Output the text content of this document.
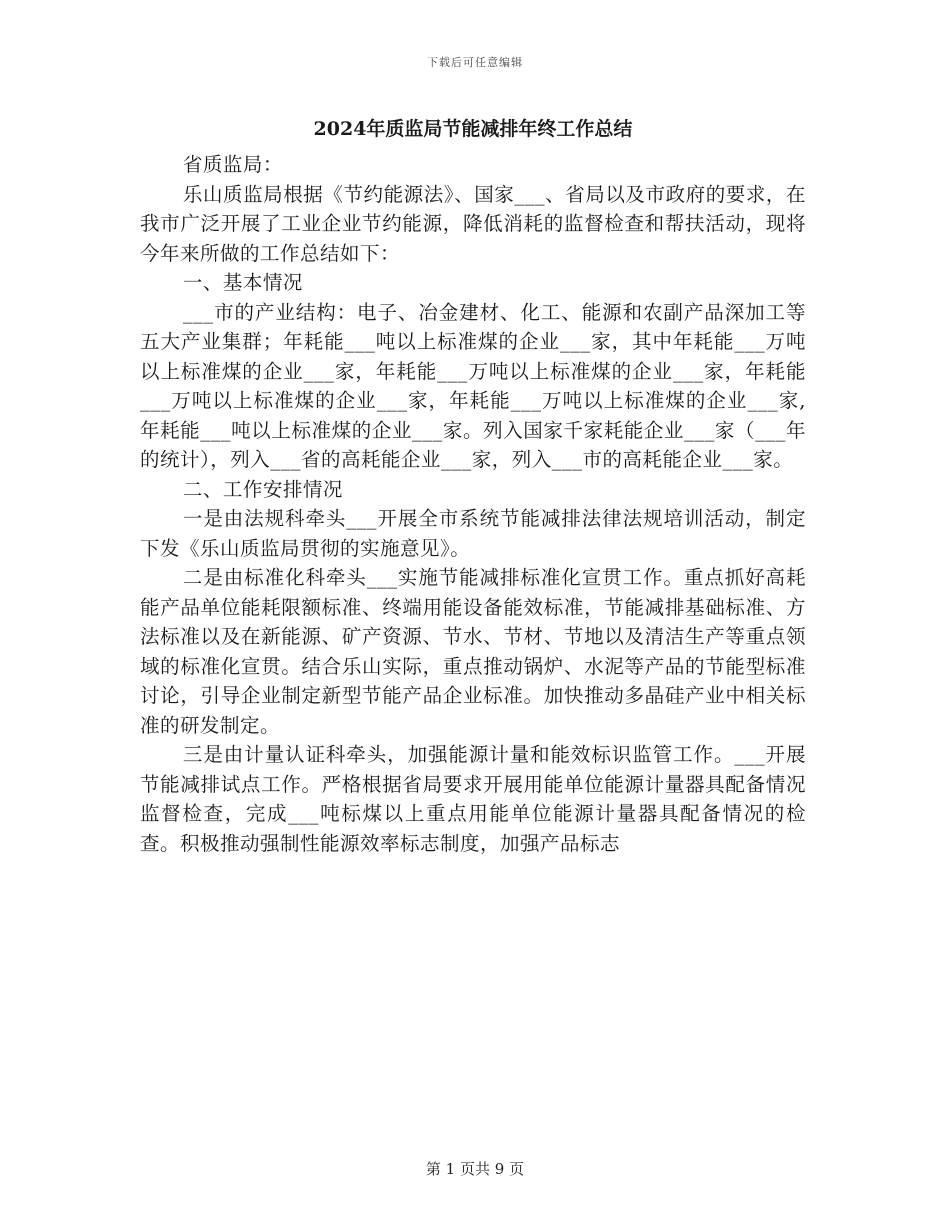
下载后可任意编辑
2024年质监局节能减排年终工作总结

省质监局：

乐山质监局根据《节约能源法》、国家___、省局以及市政府的要求，在我市广泛开展了工业企业节约能源，降低消耗的监督检查和帮扶活动，现将今年来所做的工作总结如下：

一、基本情况

___市的产业结构：电子、冶金建材、化工、能源和农副产品深加工等五大产业集群；年耗能___吨以上标准煤的企业___家，其中年耗能___万吨以上标准煤的企业___家，年耗能___万吨以上标准煤的企业___家，年耗能___万吨以上标准煤的企业___家，年耗能___万吨以上标准煤的企业___家,年耗能___吨以上标准煤的企业___家。列入国家千家耗能企业___家（___年的统计），列入___省的高耗能企业___家，列入___市的高耗能企业___家。

二、工作安排情况

一是由法规科牵头___开展全市系统节能减排法律法规培训活动，制定下发《乐山质监局贯彻的实施意见》。

二是由标准化科牵头___实施节能减排标准化宣贯工作。重点抓好高耗能产品单位能耗限额标准、终端用能设备能效标准，节能减排基础标准、方法标准以及在新能源、矿产资源、节水、节材、节地以及清洁生产等重点领域的标准化宣贯。结合乐山实际，重点推动锅炉、水泥等产品的节能型标准讨论，引导企业制定新型节能产品企业标准。加快推动多晶硅产业中相关标准的研发制定。

三是由计量认证科牵头，加强能源计量和能效标识监管工作。___开展节能减排试点工作。严格根据省局要求开展用能单位能源计量器具配备情况监督检查，完成___吨标煤以上重点用能单位能源计量器具配备情况的检查。积极推动强制性能源效率标志制度，加强产品标志

第 1 页共 9 页
